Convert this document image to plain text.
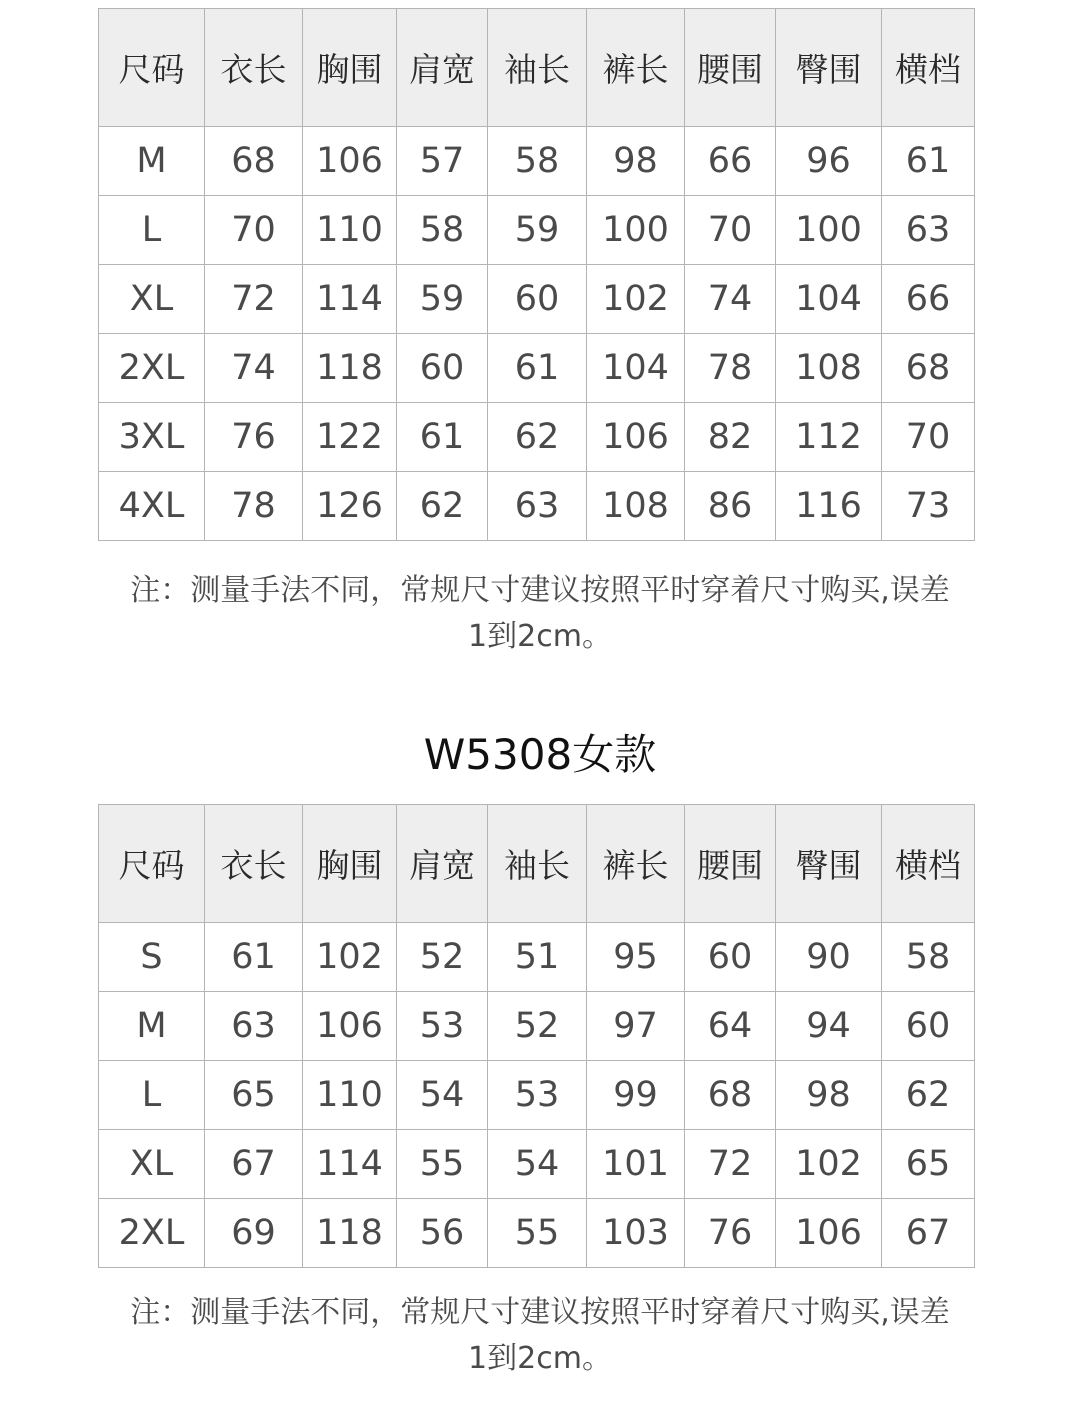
尺码	衣长	胸围	肩宽	袖长	裤长	腰围	臀围	横档
M	68	106	57	58	98	66	96	61
L	70	110	58	59	100	70	100	63
XL	72	114	59	60	102	74	104	66
2XL	74	118	60	61	104	78	108	68
3XL	76	122	61	62	106	82	112	70
4XL	78	126	62	63	108	86	116	73
注：测量手法不同，常规尺寸建议按照平时穿着尺寸购买,误差
1到2cm。
W5308女款
尺码	衣长	胸围	肩宽	袖长	裤长	腰围	臀围	横档
S	61	102	52	51	95	60	90	58
M	63	106	53	52	97	64	94	60
L	65	110	54	53	99	68	98	62
XL	67	114	55	54	101	72	102	65
2XL	69	118	56	55	103	76	106	67
注：测量手法不同，常规尺寸建议按照平时穿着尺寸购买,误差
1到2cm。
